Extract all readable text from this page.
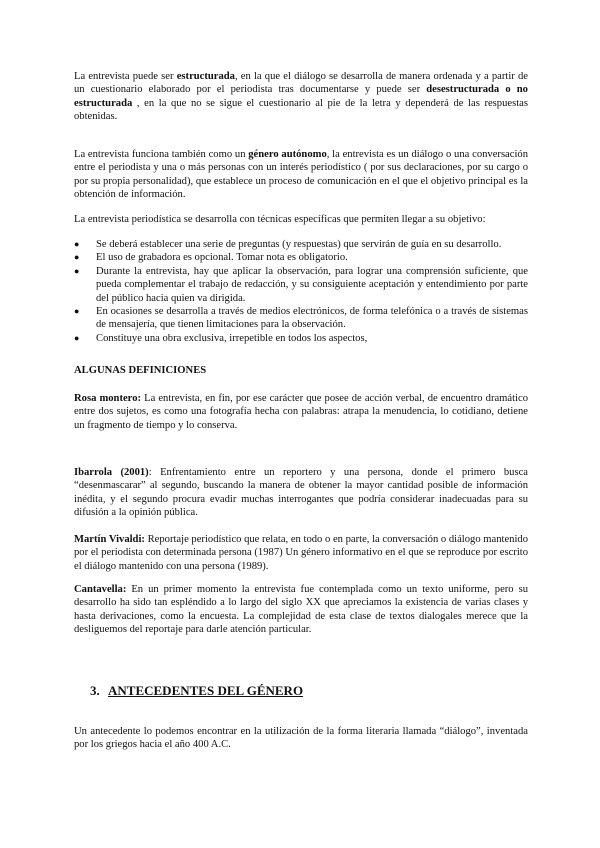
La entrevista puede ser estructurada, en la que el diálogo se desarrolla de manera ordenada y a partir de un cuestionario elaborado por el periodista tras documentarse y puede ser desestructurada o no estructurada , en la que no se sigue el cuestionario al pie de la letra y dependerá de las respuestas obtenidas.

La entrevista funciona también como un género autónomo, la entrevista es un diálogo o una conversación entre el periodista y una o más personas con un interés periodístico ( por sus declaraciones, por su cargo o por su propia personalidad), que establece un proceso de comunicación en el que el objetivo principal es la obtención de información.

La entrevista periodística se desarrolla con técnicas específicas que permiten llegar a su objetivo:

● Se deberá establecer una serie de preguntas (y respuestas) que servirán de guía en su desarrollo.
● El uso de grabadora es opcional. Tomar nota es obligatorio.
● Durante la entrevista, hay que aplicar la observación, para lograr una comprensión suficiente, que pueda complementar el trabajo de redacción, y su consiguiente aceptación y entendimiento por parte del público hacia quien va dirigida.
● En ocasiones se desarrolla a través de medios electrónicos, de forma telefónica o a través de sistemas de mensajería, que tienen limitaciones para la observación.
● Constituye una obra exclusiva, irrepetible en todos los aspectos,
ALGUNAS DEFINICIONES

Rosa montero: La entrevista, en fin, por ese carácter que posee de acción verbal, de encuentro dramático entre dos sujetos, es como una fotografía hecha con palabras: atrapa la menudencia, lo cotidiano, detiene un fragmento de tiempo y lo conserva.

Ibarrola (2001): Enfrentamiento entre un reportero y una persona, donde el primero busca “desenmascarar” al segundo, buscando la manera de obtener la mayor cantidad posible de información inédita, y el segundo procura evadir muchas interrogantes que podría considerar inadecuadas para su difusión a la opinión pública.

Martín Vivaldi: Reportaje periodístico que relata, en todo o en parte, la conversación o diálogo mantenido por el periodista con determinada persona (1987) Un género informativo en el que se reproduce por escrito el diálogo mantenido con una persona (1989).

Cantavella: En un primer momento la entrevista fue contemplada como un texto uniforme, pero su desarrollo ha sido tan espléndido a lo largo del siglo XX que apreciamos la existencia de varias clases y hasta derivaciones, como la encuesta. La complejidad de esta clase de textos dialogales merece que la desliguemos del reportaje para darle atención particular.

3. ANTECEDENTES DEL GÉNERO

Un antecedente lo podemos encontrar en la utilización de la forma literaria llamada “diálogo”, inventada por los griegos hacia el año 400 A.C.
